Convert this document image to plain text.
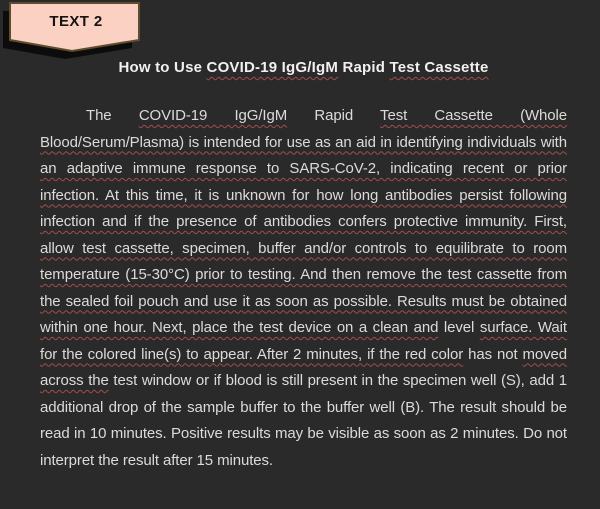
TEXT 2
How to Use COVID-19 IgG/IgM Rapid Test Cassette

The COVID-19 IgG/IgM Rapid Test Cassette (Whole Blood/Serum/Plasma) is intended for use as an aid in identifying individuals with an adaptive immune response to SARS-CoV-2, indicating recent or prior infection. At this time, it is unknown for how long antibodies persist following infection and if the presence of antibodies confers protective immunity. First, allow test cassette, specimen, buffer and/or controls to equilibrate to room temperature (15-30°C) prior to testing. And then remove the test cassette from the sealed foil pouch and use it as soon as possible. Results must be obtained within one hour. Next, place the test device on a clean and level surface. Wait for the colored line(s) to appear. After 2 minutes, if the red color has not moved across the test window or if blood is still present in the specimen well (S), add 1 additional drop of the sample buffer to the buffer well (B). The result should be read in 10 minutes. Positive results may be visible as soon as 2 minutes. Do not interpret the result after 15 minutes.
